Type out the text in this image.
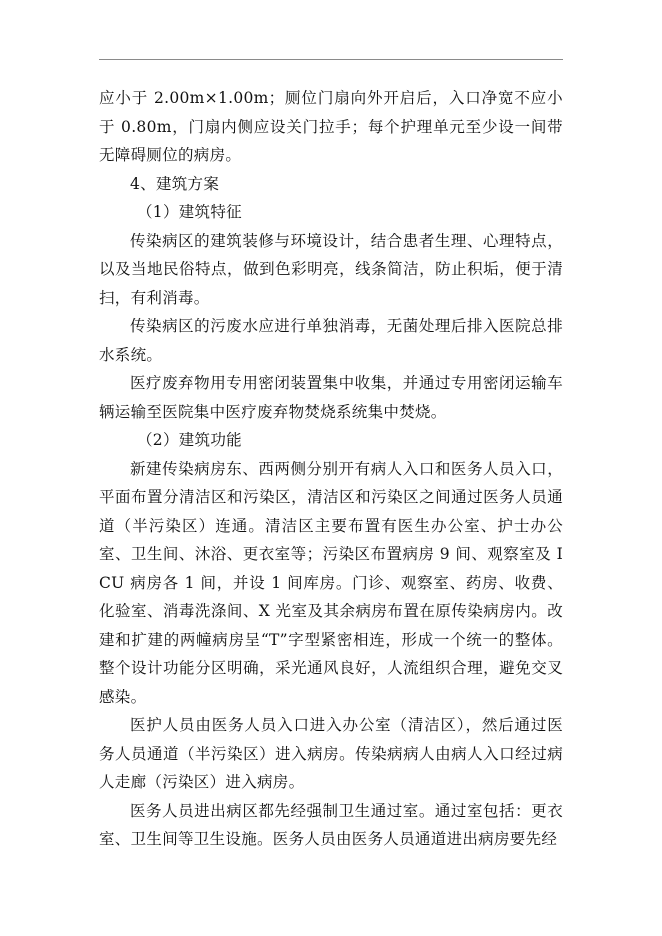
应小于 2.00m×1.00m；厕位门扇向外开启后，入口净宽不应小于 0.80m，门扇内侧应设关门拉手；每个护理单元至少设一间带无障碍厕位的病房。

4、建筑方案

（1）建筑特征

传染病区的建筑装修与环境设计，结合患者生理、心理特点，以及当地民俗特点，做到色彩明亮，线条简洁，防止积垢，便于清扫，有利消毒。

传染病区的污废水应进行单独消毒，无菌处理后排入医院总排水系统。

医疗废弃物用专用密闭装置集中收集，并通过专用密闭运输车辆运输至医院集中医疗废弃物焚烧系统集中焚烧。

（2）建筑功能

新建传染病房东、西两侧分别开有病人入口和医务人员入口，平面布置分清洁区和污染区，清洁区和污染区之间通过医务人员通道（半污染区）连通。清洁区主要布置有医生办公室、护士办公室、卫生间、沐浴、更衣室等；污染区布置病房 9 间、观察室及 ICU 病房各 1 间，并设 1 间库房。门诊、观察室、药房、收费、化验室、消毒洗涤间、X 光室及其余病房布置在原传染病房内。改建和扩建的两幢病房呈“T”字型紧密相连，形成一个统一的整体。整个设计功能分区明确，采光通风良好，人流组织合理，避免交叉感染。

医护人员由医务人员入口进入办公室（清洁区），然后通过医务人员通道（半污染区）进入病房。传染病病人由病人入口经过病人走廊（污染区）进入病房。

医务人员进出病区都先经强制卫生通过室。通过室包括：更衣室、卫生间等卫生设施。医务人员由医务人员通道进出病房要先经
